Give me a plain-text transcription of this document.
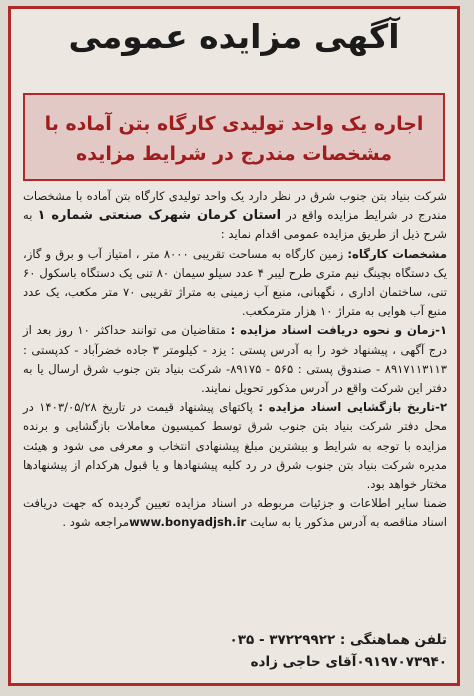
آگهی مزایده عمومی
اجاره یک واحد تولیدی کارگاه بتن آماده با
مشخصات مندرج در شرایط مزایده

شرکت بنیاد بتن جنوب شرق در نظر دارد یک واحد تولیدی کارگاه بتن آماده با مشخصات مندرج در شرایط مزایده واقع در استان کرمان شهرک صنعتی شماره ۱ به شرح ذیل از طریق مزایده عمومی اقدام نماید :

مشخصات کارگاه: زمین کارگاه به مساحت تقریبی ۸۰۰۰ متر ، امتیاز آب و برق و گاز، یک دستگاه بچینگ نیم متری طرح لیبر ۴ عدد سیلو سیمان ۸۰ تنی یک دستگاه باسکول ۶۰ تنی، ساختمان اداری ، نگهبانی، منبع آب زمینی به متراژ تقریبی ۷۰ متر مکعب، یک عدد منبع آب هوایی به متراژ ۱۰ هزار مترمکعب.

۱-زمان و نحوه دریافت اسناد مزایده : متقاضیان می توانند حداکثر ۱۰ روز بعد از درج آگهی ، پیشنهاد خود را به آدرس پستی : یزد - کیلومتر ۳ جاده خضرآباد - کدپستی : ۸۹۱۷۱۱۳۱۱۳ - صندوق پستی : ۵۶۵ - ۸۹۱۷۵- شرکت بنیاد بتن جنوب شرق ارسال یا به دفتر این شرکت واقع در آدرس مذکور تحویل نمایند.

۲-تاریخ بازگشایی اسناد مزایده : پاکتهای پیشنهاد قیمت در تاریخ ۱۴۰۳/۰۵/۲۸ در محل دفتر شرکت بنیاد بتن جنوب شرق توسط کمیسیون معاملات بازگشایی و برنده مزایده با توجه به شرایط و بیشترین مبلغ پیشنهادی انتخاب و معرفی می شود و هیئت مدیره شرکت بنیاد بتن جنوب شرق در رد کلیه پیشنهادها و یا قبول هرکدام از پیشنهادها مختار خواهد بود.

ضمنا سایر اطلاعات و جزئیات مربوطه در اسناد مزایده تعیین گردیده که جهت دریافت اسناد مناقصه به آدرس مذکور یا به سایت www.bonyadjsh.irمراجعه شود .

تلفن هماهنگی : ۳۷۲۲۹۹۲۲ - ۰۳۵
۰۹۱۹۷۰۷۳۹۴۰آقای حاجی زاده
